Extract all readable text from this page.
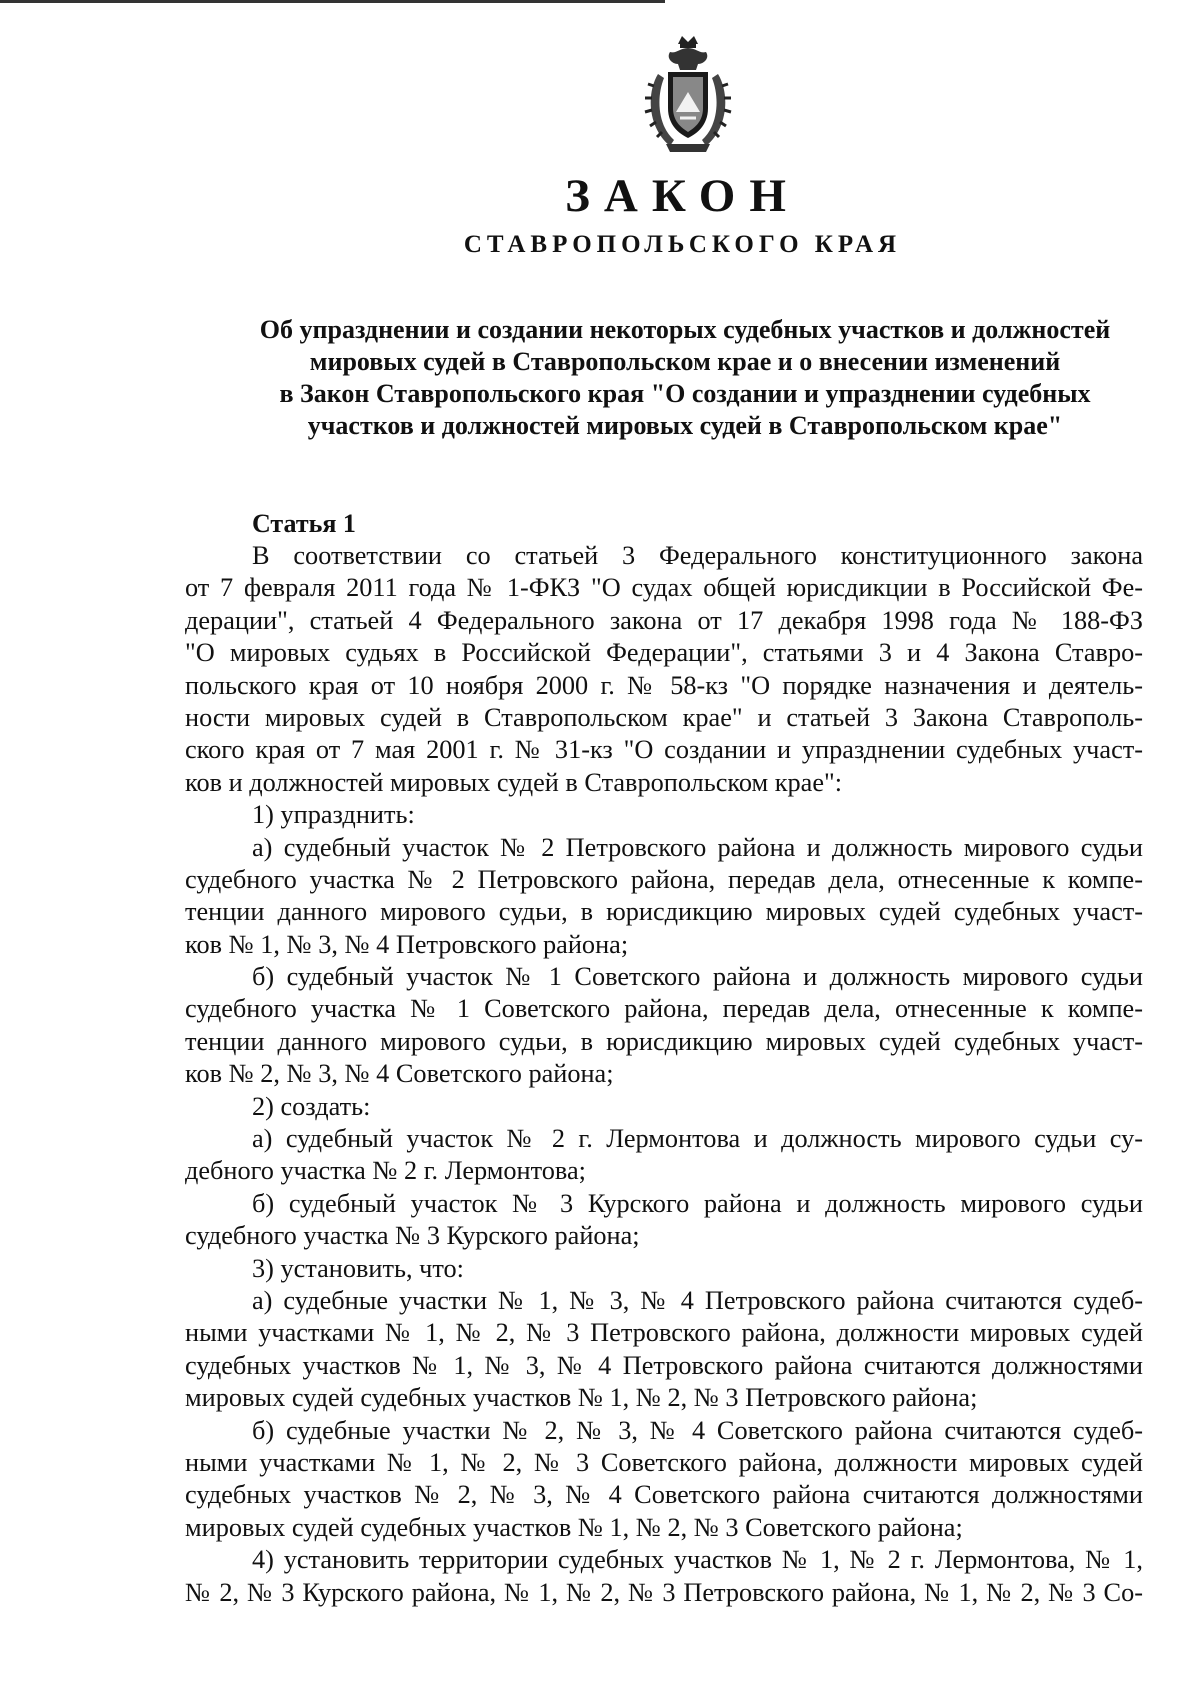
ЗАКОН
СТАВРОПОЛЬСКОГО КРАЯ
Об упразднении и создании некоторых судебных участков и должностей
мировых судей в Ставропольском крае и о внесении изменений
в Закон Ставропольского края "О создании и упразднении судебных
участков и должностей мировых судей в Ставропольском крае"
Статья 1
В соответствии со статьей 3 Федерального конституционного закона
от 7 февраля 2011 года № 1-ФКЗ "О судах общей юрисдикции в Российской Фе-
дерации", статьей 4 Федерального закона от 17 декабря 1998 года № 188-ФЗ
"О мировых судьях в Российской Федерации", статьями 3 и 4 Закона Ставро-
польского края от 10 ноября 2000 г. № 58-кз "О порядке назначения и деятель-
ности мировых судей в Ставропольском крае" и статьей 3 Закона Ставрополь-
ского края от 7 мая 2001 г. № 31-кз "О создании и упразднении судебных участ-
ков и должностей мировых судей в Ставропольском крае":
1) упразднить:
а) судебный участок № 2 Петровского района и должность мирового судьи
судебного участка № 2 Петровского района, передав дела, отнесенные к компе-
тенции данного мирового судьи, в юрисдикцию мировых судей судебных участ-
ков № 1, № 3, № 4 Петровского района;
б) судебный участок № 1 Советского района и должность мирового судьи
судебного участка № 1 Советского района, передав дела, отнесенные к компе-
тенции данного мирового судьи, в юрисдикцию мировых судей судебных участ-
ков № 2, № 3, № 4 Советского района;
2) создать:
а) судебный участок № 2 г. Лермонтова и должность мирового судьи су-
дебного участка № 2 г. Лермонтова;
б) судебный участок № 3 Курского района и должность мирового судьи
судебного участка № 3 Курского района;
3) установить, что:
а) судебные участки № 1, № 3, № 4 Петровского района считаются судеб-
ными участками № 1, № 2, № 3 Петровского района, должности мировых судей
судебных участков № 1, № 3, № 4 Петровского района считаются должностями
мировых судей судебных участков № 1, № 2, № 3 Петровского района;
б) судебные участки № 2, № 3, № 4 Советского района считаются судеб-
ными участками № 1, № 2, № 3 Советского района, должности мировых судей
судебных участков № 2, № 3, № 4 Советского района считаются должностями
мировых судей судебных участков № 1, № 2, № 3 Советского района;
4) установить территории судебных участков № 1, № 2 г. Лермонтова, № 1,
№ 2, № 3 Курского района, № 1, № 2, № 3 Петровского района, № 1, № 2, № 3 Со-
